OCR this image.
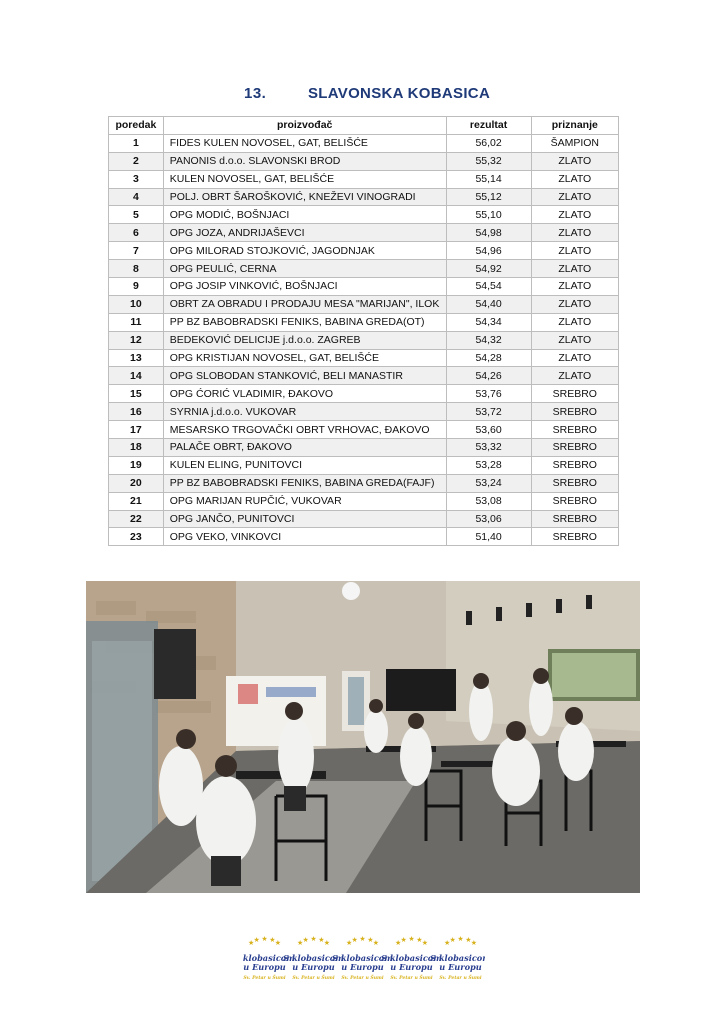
13.	SLAVONSKA KOBASICA
poredak	proizvođač	rezultat	priznanje
1	FIDES KULEN NOVOSEL, GAT, BELIŠĆE	56,02	ŠAMPION
2	PANONIS d.o.o. SLAVONSKI BROD	55,32	ZLATO
3	KULEN NOVOSEL, GAT, BELIŠĆE	55,14	ZLATO
4	POLJ. OBRT ŠAROŠKOVIĆ, KNEŽEVI VINOGRADI	55,12	ZLATO
5	OPG MODIĆ, BOŠNJACI	55,10	ZLATO
6	OPG JOZA, ANDRIJAŠEVCI	54,98	ZLATO
7	OPG MILORAD STOJKOVIĆ, JAGODNJAK	54,96	ZLATO
8	OPG PEULIĆ, CERNA	54,92	ZLATO
9	OPG JOSIP VINKOVIĆ, BOŠNJACI	54,54	ZLATO
10	OBRT ZA OBRADU I PRODAJU MESA "MARIJAN", ILOK	54,40	ZLATO
11	PP BZ BABOBRADSKI FENIKS, BABINA GREDA(OT)	54,34	ZLATO
12	BEDEKOVIĆ DELICIJE j.d.o.o. ZAGREB	54,32	ZLATO
13	OPG KRISTIJAN NOVOSEL, GAT, BELIŠĆE	54,28	ZLATO
14	OPG SLOBODAN STANKOVIĆ, BELI MANASTIR	54,26	ZLATO
15	OPG ĆORIĆ VLADIMIR, ĐAKOVO	53,76	SREBRO
16	SYRNIA j.d.o.o. VUKOVAR	53,72	SREBRO
17	MESARSKO TRGOVAČKI OBRT VRHOVAC, ĐAKOVO	53,60	SREBRO
18	PALAČE OBRT, ĐAKOVO	53,32	SREBRO
19	KULEN ELING, PUNITOVCI	53,28	SREBRO
20	PP BZ BABOBRADSKI FENIKS, BABINA GREDA(FAJF)	53,24	SREBRO
21	OPG MARIJAN RUPČIĆ, VUKOVAR	53,08	SREBRO
22	OPG JANČO, PUNITOVCI	53,06	SREBRO
23	OPG VEKO, VINKOVCI	51,40	SREBRO
★ ★ ★ ★ ★
S klobasicom
u Europu
Sv. Petar u Šumi
★ ★ ★ ★ ★
S klobasicom
u Europu
Sv. Petar u Šumi
★ ★ ★ ★ ★
S klobasicom
u Europu
Sv. Petar u Šumi
★ ★ ★ ★ ★
S klobasicom
u Europu
Sv. Petar u Šumi
★ ★ ★ ★ ★
S klobasicom
u Europu
Sv. Petar u Šumi
